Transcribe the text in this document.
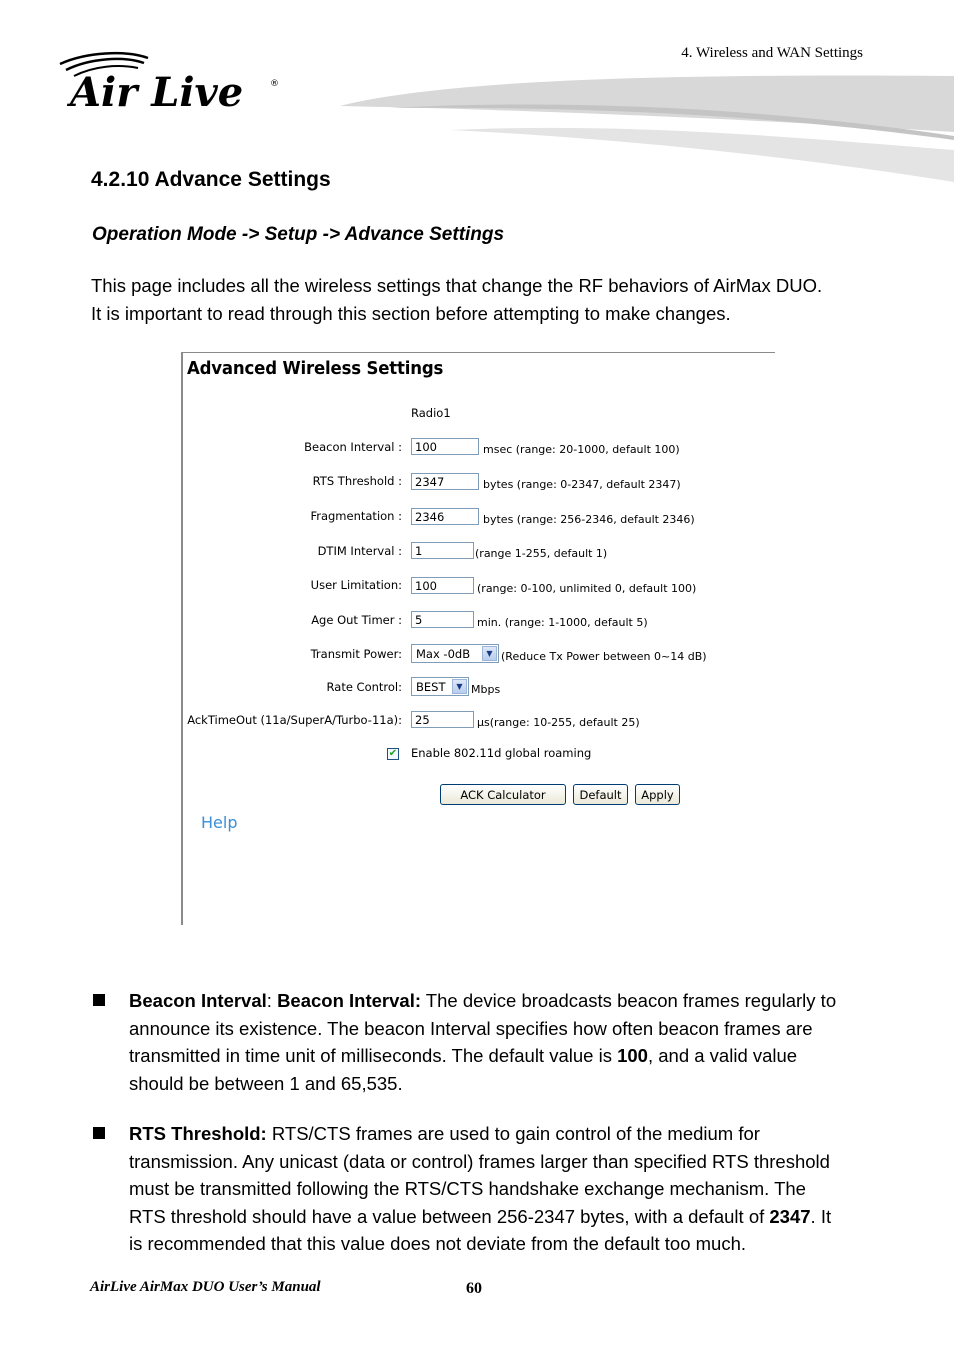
4. Wireless and WAN Settings
Air Live	®
4.2.10 Advance Settings
Operation Mode -> Setup -> Advance Settings

This page includes all the wireless settings that change the RF behaviors of AirMax DUO.

It is important to read through this section before attempting to make changes.

Advanced Wireless Settings
Radio1
Beacon Interval :	100	msec (range: 20-1000, default 100)
RTS Threshold :	2347	bytes (range: 0-2347, default 2347)
Fragmentation :	2346	bytes (range: 256-2346, default 2346)
DTIM Interval :	1	(range 1-255, default 1)
User Limitation:	100	(range: 0-100, unlimited 0, default 100)
Age Out Timer :	5	min. (range: 1-1000, default 5)
Transmit Power:	Max -0dB	▼ (Reduce Tx Power between 0~14 dB)
Rate Control:	BEST	▼ Mbps
AckTimeOut (11a/SuperA/Turbo-11a):	25	µs(range: 10-255, default 25)
✔ Enable 802.11d global roaming
ACK Calculator	Default	Apply
Help

Beacon Interval: Beacon Interval: The device broadcasts beacon frames regularly to

announce its existence. The beacon Interval specifies how often beacon frames are

transmitted in time unit of milliseconds. The default value is 100, and a valid value

should be between 1 and 65,535.

RTS Threshold: RTS/CTS frames are used to gain control of the medium for

transmission. Any unicast (data or control) frames larger than specified RTS threshold

must be transmitted following the RTS/CTS handshake exchange mechanism. The

RTS threshold should have a value between 256-2347 bytes, with a default of 2347. It

is recommended that this value does not deviate from the default too much.

AirLive AirMax DUO User’s Manual	60
